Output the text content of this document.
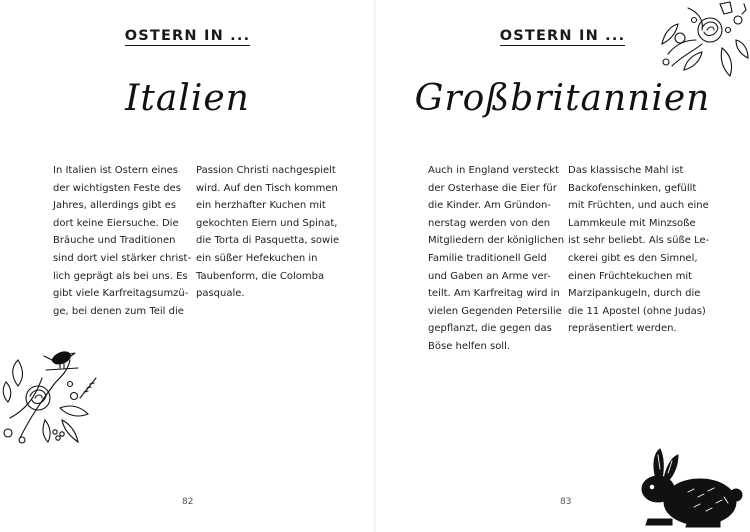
OSTERN IN ...
Italien
In Italien ist Ostern eines
der wichtigsten Feste des
Jahres, allerdings gibt es
dort keine Eiersuche. Die
Bräuche und Traditionen
sind dort viel stärker christ-
lich geprägt als bei uns. Es
gibt viele Karfreitagsumzü-
ge, bei denen zum Teil die
Passion Christi nachgespielt
wird. Auf den Tisch kommen
ein herzhafter Kuchen mit
gekochten Eiern und Spinat,
die Torta di Pasquetta, sowie
ein süßer Hefekuchen in
Taubenform, die Colomba
pasquale.
82
OSTERN IN ...
Großbritannien
Auch in England versteckt
der Osterhase die Eier für
die Kinder. Am Gründon-
nerstag werden von den
Mitgliedern der königlichen
Familie traditionell Geld
und Gaben an Arme ver-
teilt. Am Karfreitag wird in
vielen Gegenden Petersilie
gepflanzt, die gegen das
Böse helfen soll.
Das klassische Mahl ist
Backofenschinken, gefüllt
mit Früchten, und auch eine
Lammkeule mit Minzsoße
ist sehr beliebt. Als süße Le-
ckerei gibt es den Simnel,
einen Früchtekuchen mit
Marzipankugeln, durch die
die 11 Apostel (ohne Judas)
repräsentiert werden.
83
